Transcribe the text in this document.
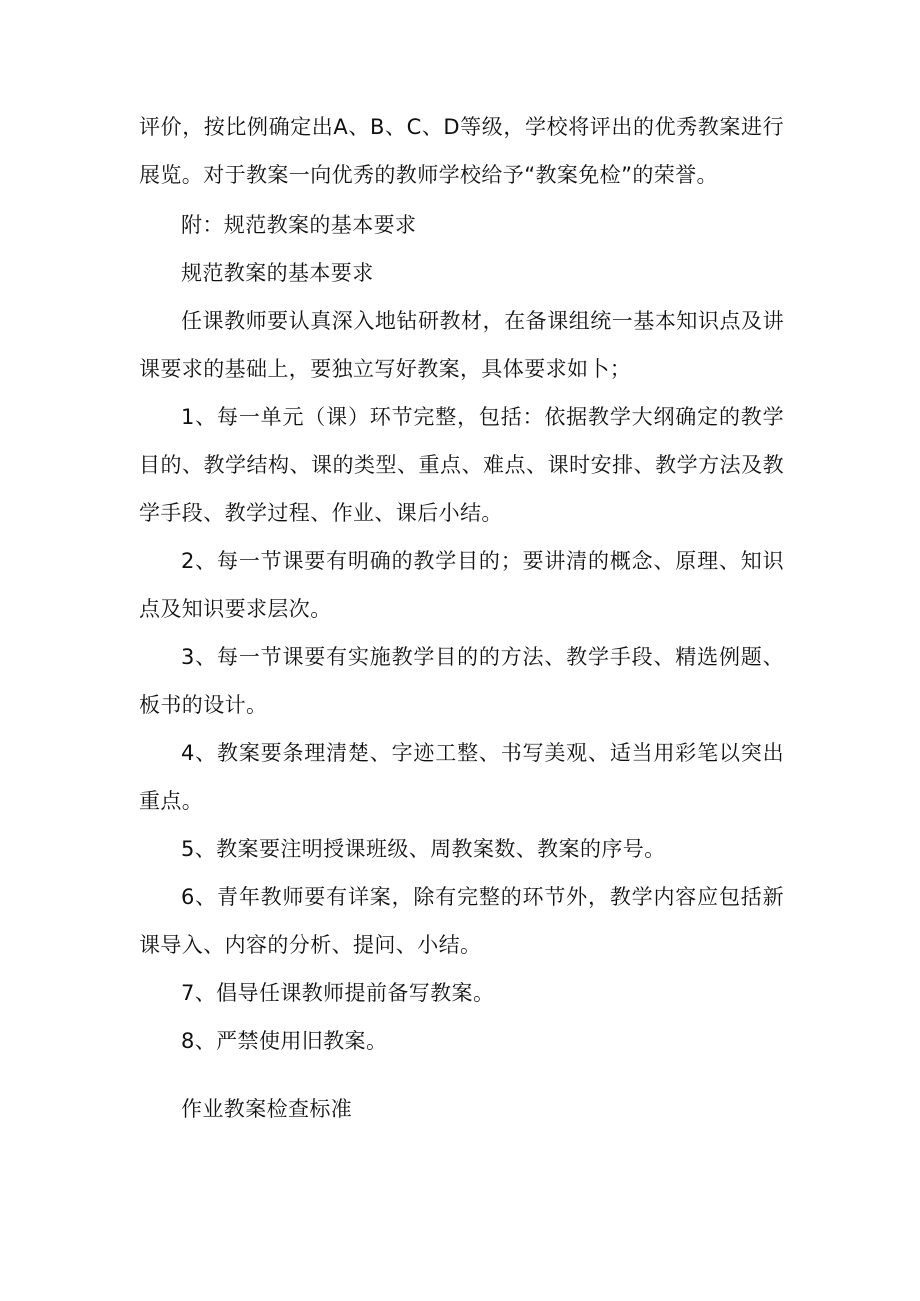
评价，按比例确定出A、B、C、D等级，学校将评出的优秀教案进行展览。对于教案一向优秀的教师学校给予“教案免检”的荣誉。

附：规范教案的基本要求

规范教案的基本要求

任课教师要认真深入地钻研教材，在备课组统一基本知识点及讲课要求的基础上，要独立写好教案，具体要求如卜；

1、每一单元（课）环节完整，包括：依据教学大纲确定的教学目的、教学结构、课的类型、重点、难点、课时安排、教学方法及教学手段、教学过程、作业、课后小结。

2、每一节课要有明确的教学目的；要讲清的概念、原理、知识点及知识要求层次。

3、每一节课要有实施教学目的的方法、教学手段、精选例题、板书的设计。

4、教案要条理清楚、字迹工整、书写美观、适当用彩笔以突出重点。

5、教案要注明授课班级、周教案数、教案的序号。

6、青年教师要有详案，除有完整的环节外，教学内容应包括新课导入、内容的分析、提问、小结。

7、倡导任课教师提前备写教案。

8、严禁使用旧教案。

作业教案检查标准
